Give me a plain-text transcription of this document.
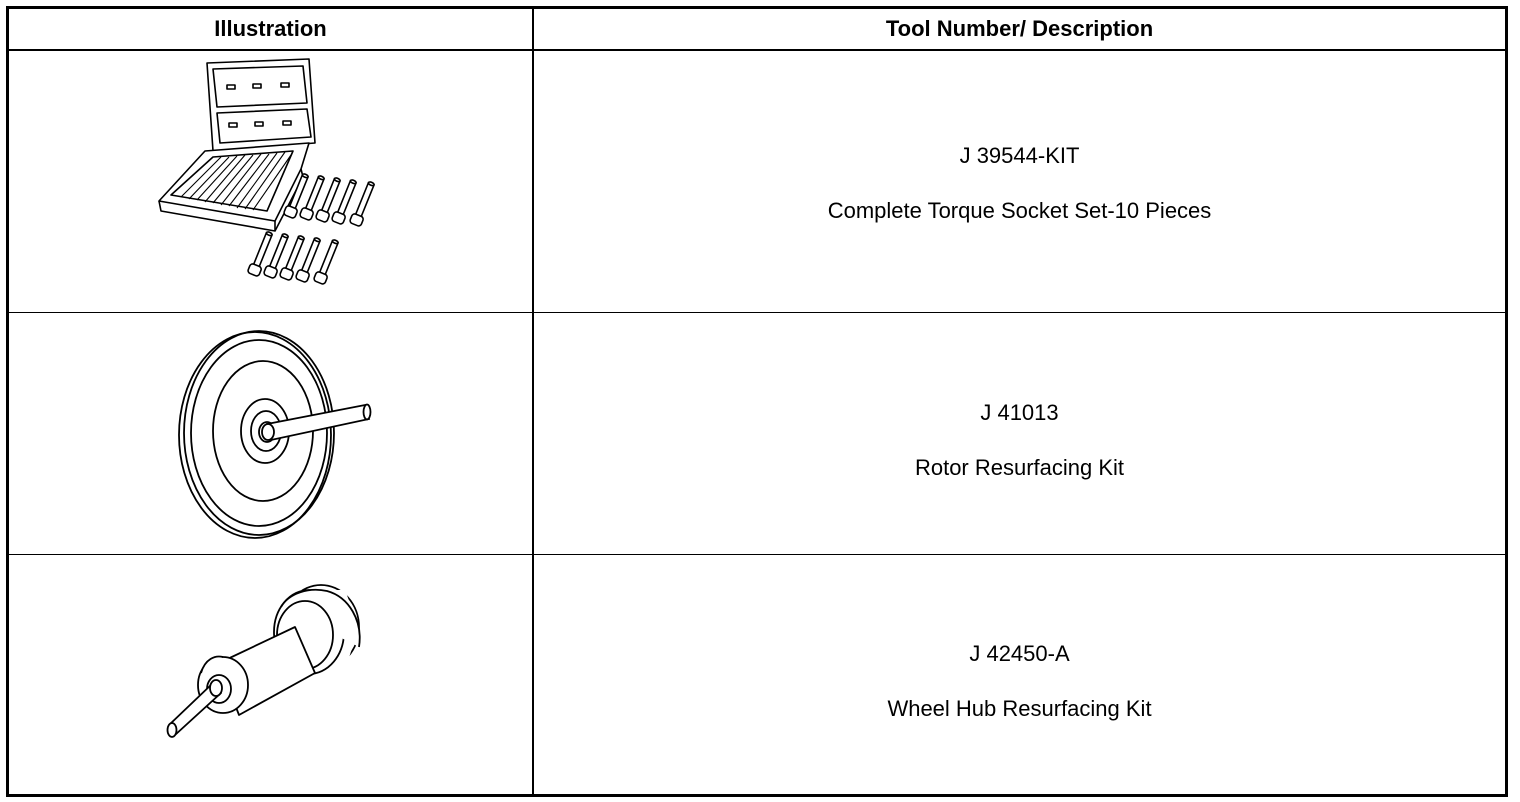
Illustration	Tool Number/ Description
J 39544-KIT
Complete Torque Socket Set-10 Pieces
J 41013
Rotor Resurfacing Kit
J 42450-A
Wheel Hub Resurfacing Kit
